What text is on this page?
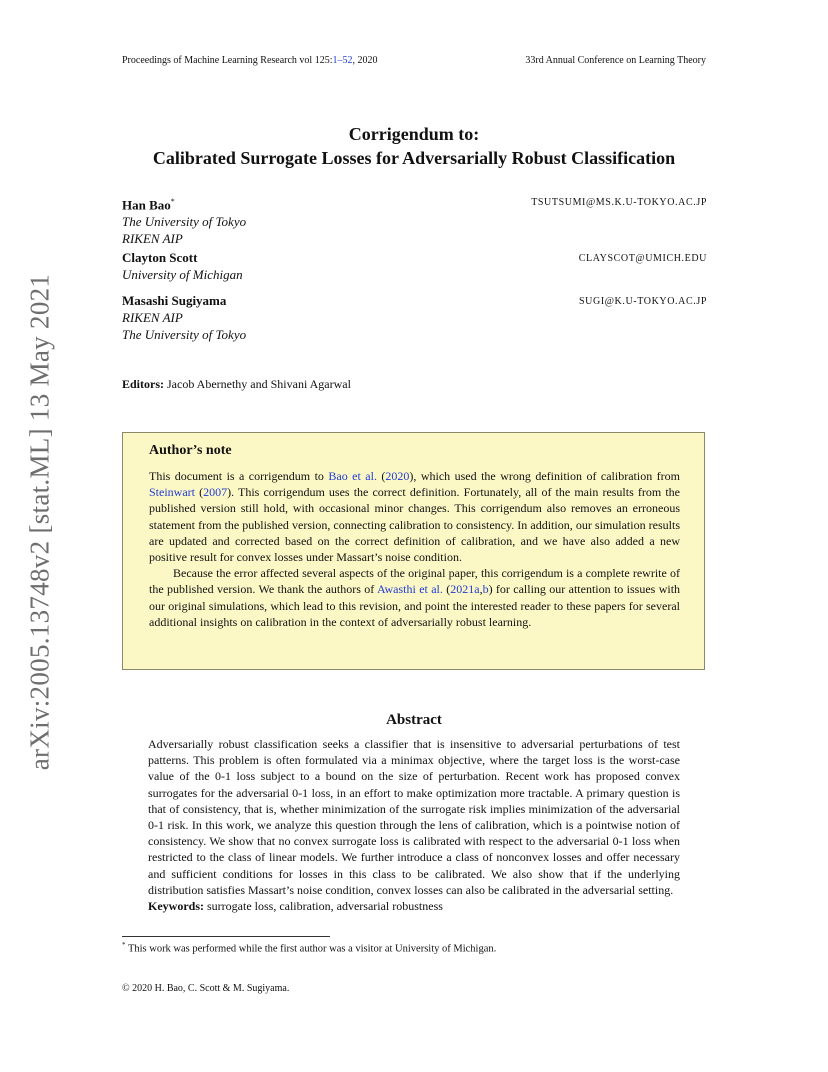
Proceedings of Machine Learning Research vol 125:1–52, 2020	33rd Annual Conference on Learning Theory
arXiv:2005.13748v2 [stat.ML] 13 May 2021
Corrigendum to:
Calibrated Surrogate Losses for Adversarially Robust Classification
Han Bao*
The University of Tokyo
RIKEN AIP
TSUTSUMI@MS.K.U-TOKYO.AC.JP
Clayton Scott
University of Michigan
CLAYSCOT@UMICH.EDU
Masashi Sugiyama
RIKEN AIP
The University of Tokyo
SUGI@K.U-TOKYO.AC.JP
Editors: Jacob Abernethy and Shivani Agarwal
Author’s note

This document is a corrigendum to Bao et al. (2020), which used the wrong definition of calibration from Steinwart (2007). This corrigendum uses the correct definition. Fortunately, all of the main results from the published version still hold, with occasional minor changes. This corrigendum also removes an erroneous statement from the published version, connecting calibration to consistency. In addition, our simulation results are updated and corrected based on the correct definition of calibration, and we have also added a new positive result for convex losses under Massart’s noise condition.

Because the error affected several aspects of the original paper, this corrigendum is a complete rewrite of the published version. We thank the authors of Awasthi et al. (2021a,b) for calling our attention to issues with our original simulations, which lead to this revision, and point the interested reader to these papers for several additional insights on calibration in the context of adversarially robust learning.

Abstract

Adversarially robust classification seeks a classifier that is insensitive to adversarial perturbations of test patterns. This problem is often formulated via a minimax objective, where the target loss is the worst-case value of the 0-1 loss subject to a bound on the size of perturbation. Recent work has proposed convex surrogates for the adversarial 0-1 loss, in an effort to make optimization more tractable. A primary question is that of consistency, that is, whether minimization of the surrogate risk implies minimization of the adversarial 0-1 risk. In this work, we analyze this question through the lens of calibration, which is a pointwise notion of consistency. We show that no convex surrogate loss is calibrated with respect to the adversarial 0-1 loss when restricted to the class of linear models. We further introduce a class of nonconvex losses and offer necessary and sufficient conditions for losses in this class to be calibrated. We also show that if the underlying distribution satisfies Massart’s noise condition, convex losses can also be calibrated in the adversarial setting.

Keywords: surrogate loss, calibration, adversarial robustness

* This work was performed while the first author was a visitor at University of Michigan.
© 2020 H. Bao, C. Scott & M. Sugiyama.
